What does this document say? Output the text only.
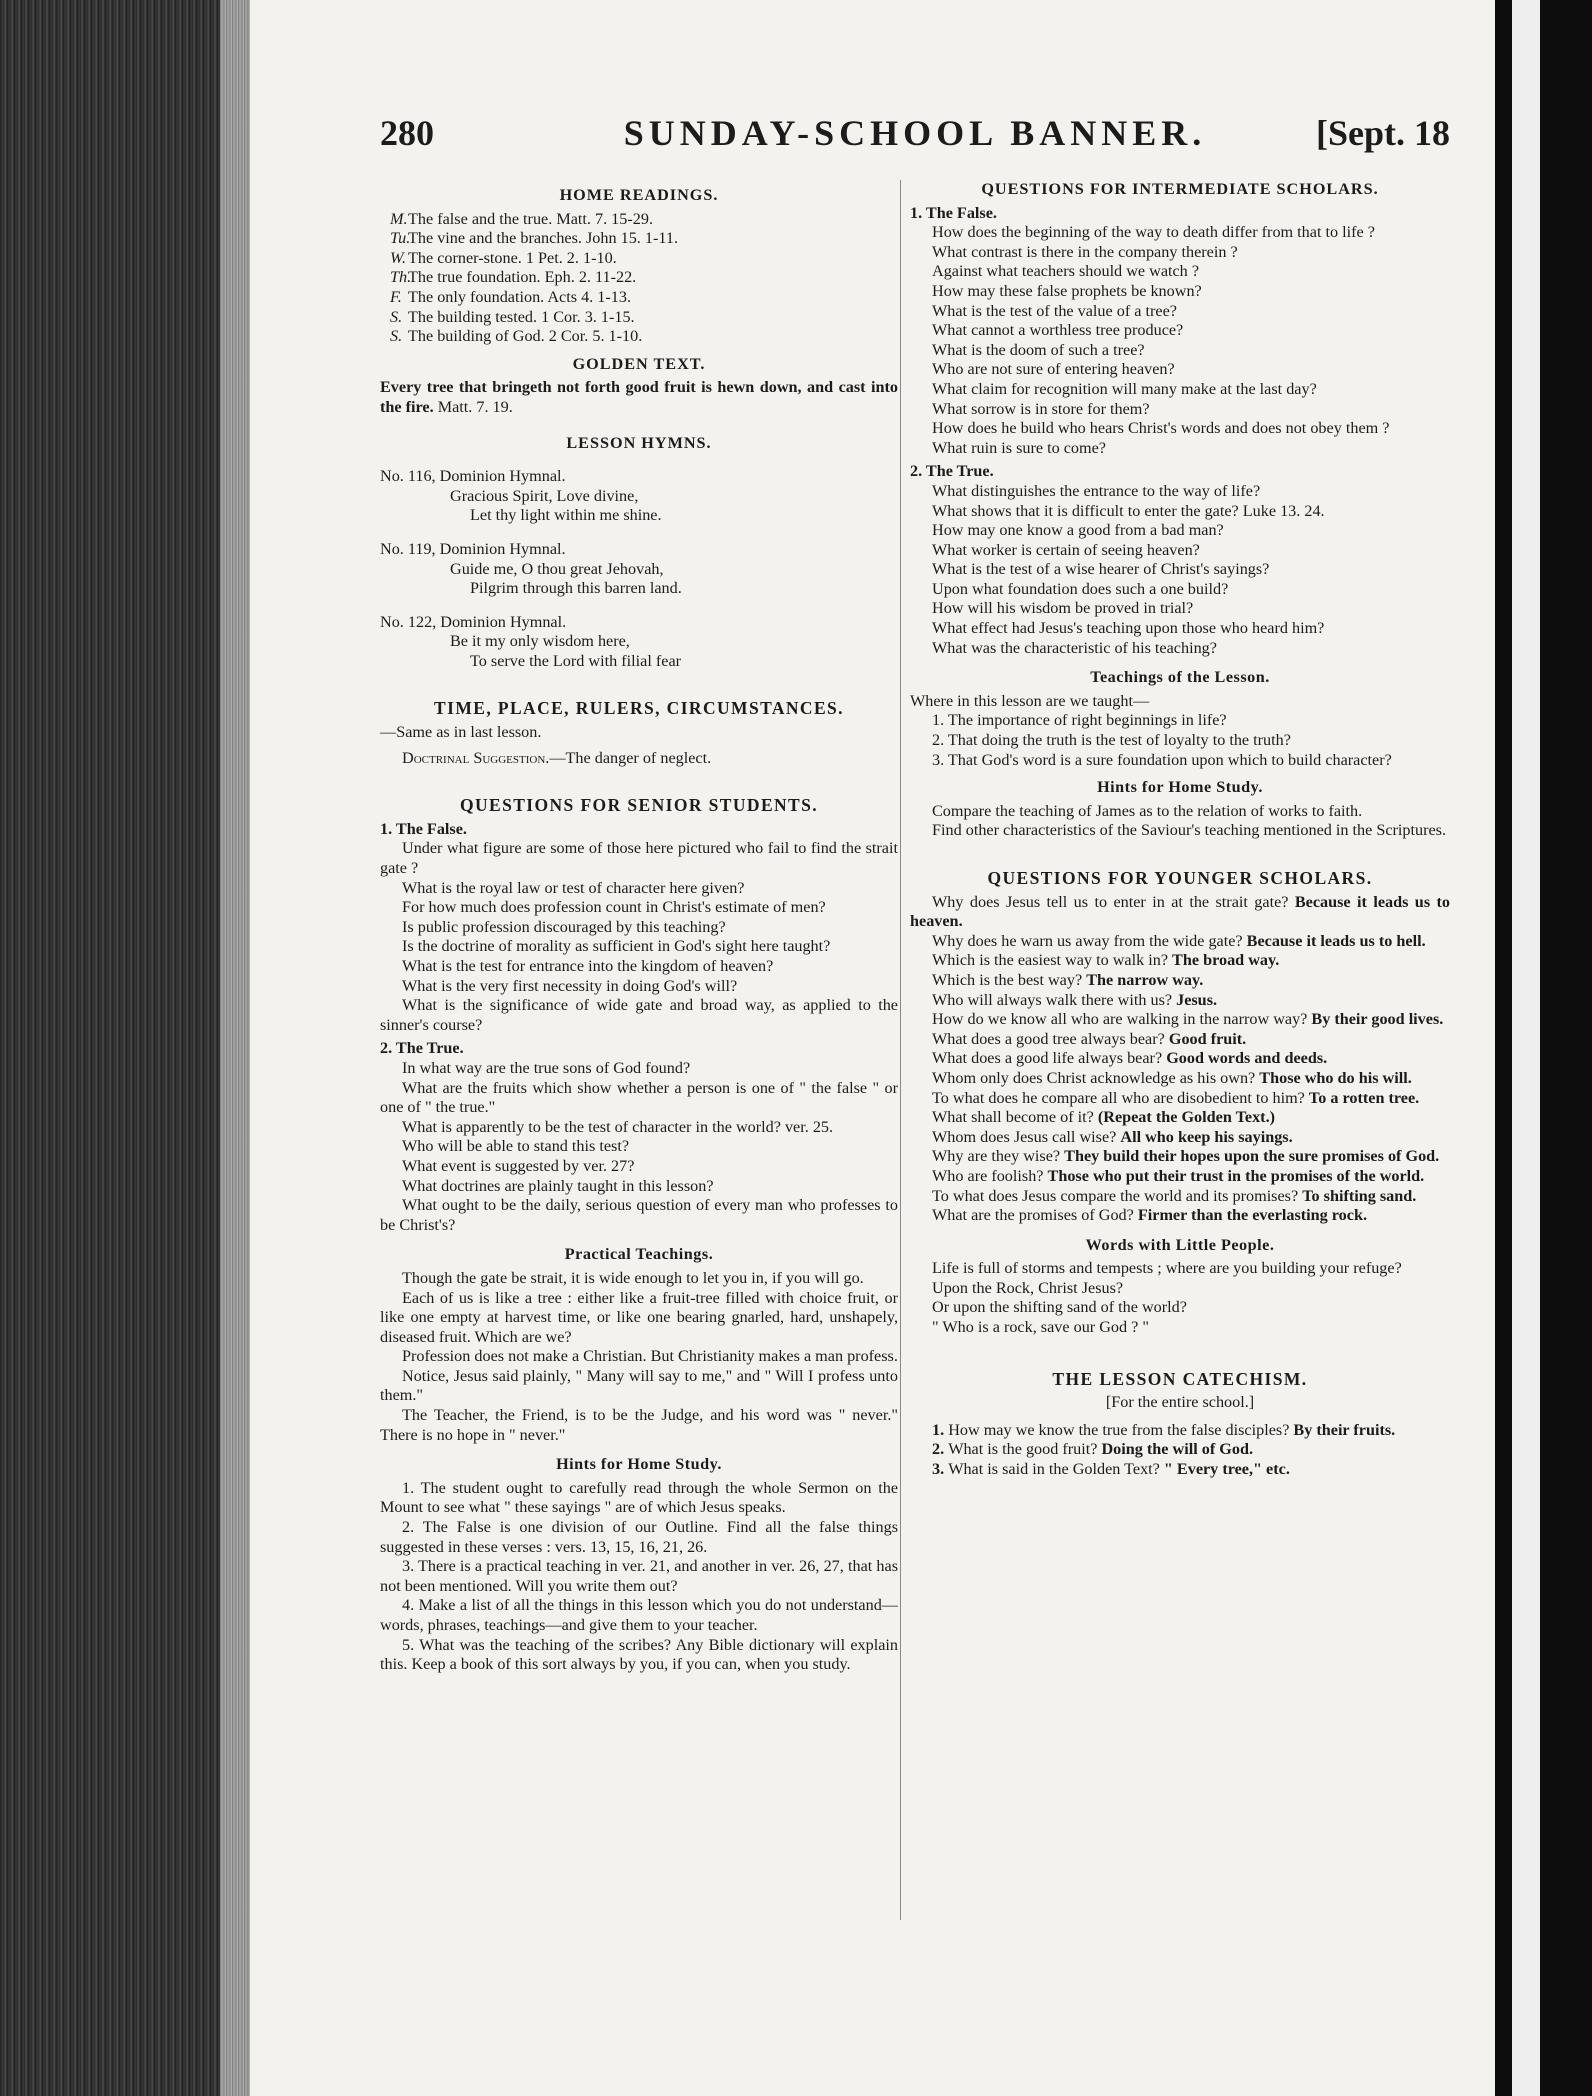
280	SUNDAY-SCHOOL BANNER.	[Sept. 18
HOME READINGS.
M.The false and the true. Matt. 7. 15-29.
Tu.The vine and the branches. John 15. 1-11.
W. The corner-stone. 1 Pet. 2. 1-10.
Th.The true foundation. Eph. 2. 11-22.
F. The only foundation. Acts 4. 1-13.
S. The building tested. 1 Cor. 3. 1-15.
S. The building of God. 2 Cor. 5. 1-10.
GOLDEN TEXT.
Every tree that bringeth not forth good fruit is hewn down, and cast into the fire. Matt. 7. 19.
LESSON HYMNS.
No. 116, Dominion Hymnal.
Gracious Spirit, Love divine,
Let thy light within me shine.
No. 119, Dominion Hymnal.
Guide me, O thou great Jehovah,
Pilgrim through this barren land.
No. 122, Dominion Hymnal.
Be it my only wisdom here,
To serve the Lord with filial fear
TIME, PLACE, RULERS, CIRCUMSTANCES.
—Same as in last lesson.
Doctrinal Suggestion.—The danger of neglect.
QUESTIONS FOR SENIOR STUDENTS.
1. The False.

Under what figure are some of those here pictured who fail to find the strait gate ?

What is the royal law or test of character here given?

For how much does profession count in Christ's estimate of men?

Is public profession discouraged by this teaching?

Is the doctrine of morality as sufficient in God's sight here taught?

What is the test for entrance into the kingdom of heaven?

What is the very first necessity in doing God's will?

What is the significance of wide gate and broad way, as applied to the sinner's course?

2. The True.

In what way are the true sons of God found?

What are the fruits which show whether a person is one of " the false " or one of " the true."

What is apparently to be the test of character in the world? ver. 25.

Who will be able to stand this test?

What event is suggested by ver. 27?

What doctrines are plainly taught in this lesson?

What ought to be the daily, serious question of every man who professes to be Christ's?

Practical Teachings.

Though the gate be strait, it is wide enough to let you in, if you will go.

Each of us is like a tree : either like a fruit-tree filled with choice fruit, or like one empty at harvest time, or like one bearing gnarled, hard, unshapely, diseased fruit. Which are we?

Profession does not make a Christian. But Christianity makes a man profess.

Notice, Jesus said plainly, " Many will say to me," and " Will I profess unto them."

The Teacher, the Friend, is to be the Judge, and his word was " never." There is no hope in " never."

Hints for Home Study.

1. The student ought to carefully read through the whole Sermon on the Mount to see what " these sayings " are of which Jesus speaks.

2. The False is one division of our Outline. Find all the false things suggested in these verses : vers. 13, 15, 16, 21, 26.

3. There is a practical teaching in ver. 21, and another in ver. 26, 27, that has not been mentioned. Will you write them out?

4. Make a list of all the things in this lesson which you do not understand—words, phrases, teachings—and give them to your teacher.

5. What was the teaching of the scribes? Any Bible dictionary will explain this. Keep a book of this sort always by you, if you can, when you study.

QUESTIONS FOR INTERMEDIATE SCHOLARS.
1. The False.

How does the beginning of the way to death differ from that to life ?

What contrast is there in the company therein ?

Against what teachers should we watch ?

How may these false prophets be known?

What is the test of the value of a tree?

What cannot a worthless tree produce?

What is the doom of such a tree?

Who are not sure of entering heaven?

What claim for recognition will many make at the last day?

What sorrow is in store for them?

How does he build who hears Christ's words and does not obey them ?

What ruin is sure to come?

2. The True.

What distinguishes the entrance to the way of life?

What shows that it is difficult to enter the gate? Luke 13. 24.

How may one know a good from a bad man?

What worker is certain of seeing heaven?

What is the test of a wise hearer of Christ's sayings?

Upon what foundation does such a one build?

How will his wisdom be proved in trial?

What effect had Jesus's teaching upon those who heard him?

What was the characteristic of his teaching?

Teachings of the Lesson.
Where in this lesson are we taught—

1. The importance of right beginnings in life?

2. That doing the truth is the test of loyalty to the truth?

3. That God's word is a sure foundation upon which to build character?

Hints for Home Study.

Compare the teaching of James as to the relation of works to faith.

Find other characteristics of the Saviour's teaching mentioned in the Scriptures.

QUESTIONS FOR YOUNGER SCHOLARS.

Why does Jesus tell us to enter in at the strait gate? Because it leads us to heaven.

Why does he warn us away from the wide gate? Because it leads us to hell.

Which is the easiest way to walk in? The broad way.

Which is the best way? The narrow way.

Who will always walk there with us? Jesus.

How do we know all who are walking in the narrow way? By their good lives.

What does a good tree always bear? Good fruit.

What does a good life always bear? Good words and deeds.

Whom only does Christ acknowledge as his own? Those who do his will.

To what does he compare all who are disobedient to him? To a rotten tree.

What shall become of it? (Repeat the Golden Text.)

Whom does Jesus call wise? All who keep his sayings.

Why are they wise? They build their hopes upon the sure promises of God.

Who are foolish? Those who put their trust in the promises of the world.

To what does Jesus compare the world and its promises? To shifting sand.

What are the promises of God? Firmer than the everlasting rock.

Words with Little People.

Life is full of storms and tempests ; where are you building your refuge?

Upon the Rock, Christ Jesus?

Or upon the shifting sand of the world?

" Who is a rock, save our God ? "

THE LESSON CATECHISM.
[For the entire school.]

1. How may we know the true from the false disciples? By their fruits.

2. What is the good fruit? Doing the will of God.

3. What is said in the Golden Text? " Every tree," etc.
